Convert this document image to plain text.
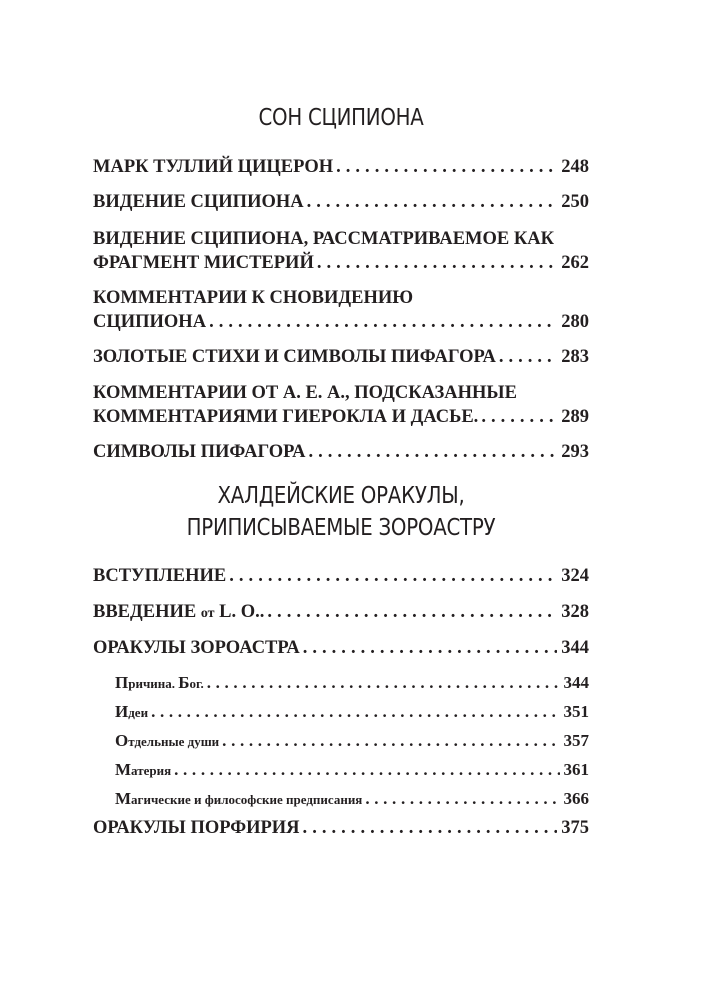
СОН СЦИПИОНА
МАРК ТУЛЛИЙ ЦИЦЕРОН . . .	248
ВИДЕНИЕ СЦИПИОНА . . .	250
ВИДЕНИЕ СЦИПИОНА, РАССМАТРИВАЕМОЕ КАК
ФРАГМЕНТ МИСТЕРИЙ . . .	262
КОММЕНТАРИИ К СНОВИДЕНИЮ
СЦИПИОНА . . .	280
ЗОЛОТЫЕ СТИХИ И СИМВОЛЫ ПИФАГОРА . . .	283
КОММЕНТАРИИ ОТ А. Е. А., ПОДСКАЗАННЫЕ
КОММЕНТАРИЯМИ ГИЕРОКЛА И ДАСЬЕ. . . .	289
СИМВОЛЫ ПИФАГОРА . . .	293
ХАЛДЕЙСКИЕ ОРАКУЛЫ,
ПРИПИСЫВАЕМЫЕ ЗОРОАСТРУ
ВСТУПЛЕНИЕ . . .	324
ВВЕДЕНИЕ от L. O.. . . .	328
ОРАКУЛЫ ЗОРОАСТРА . . .	344
Причина. Бог. . . .	344
Идеи . . .	351
Отдельные души . . .	357
Материя . . .	361
Магические и философские предписания . . .	366
ОРАКУЛЫ ПОРФИРИЯ . . .	375
